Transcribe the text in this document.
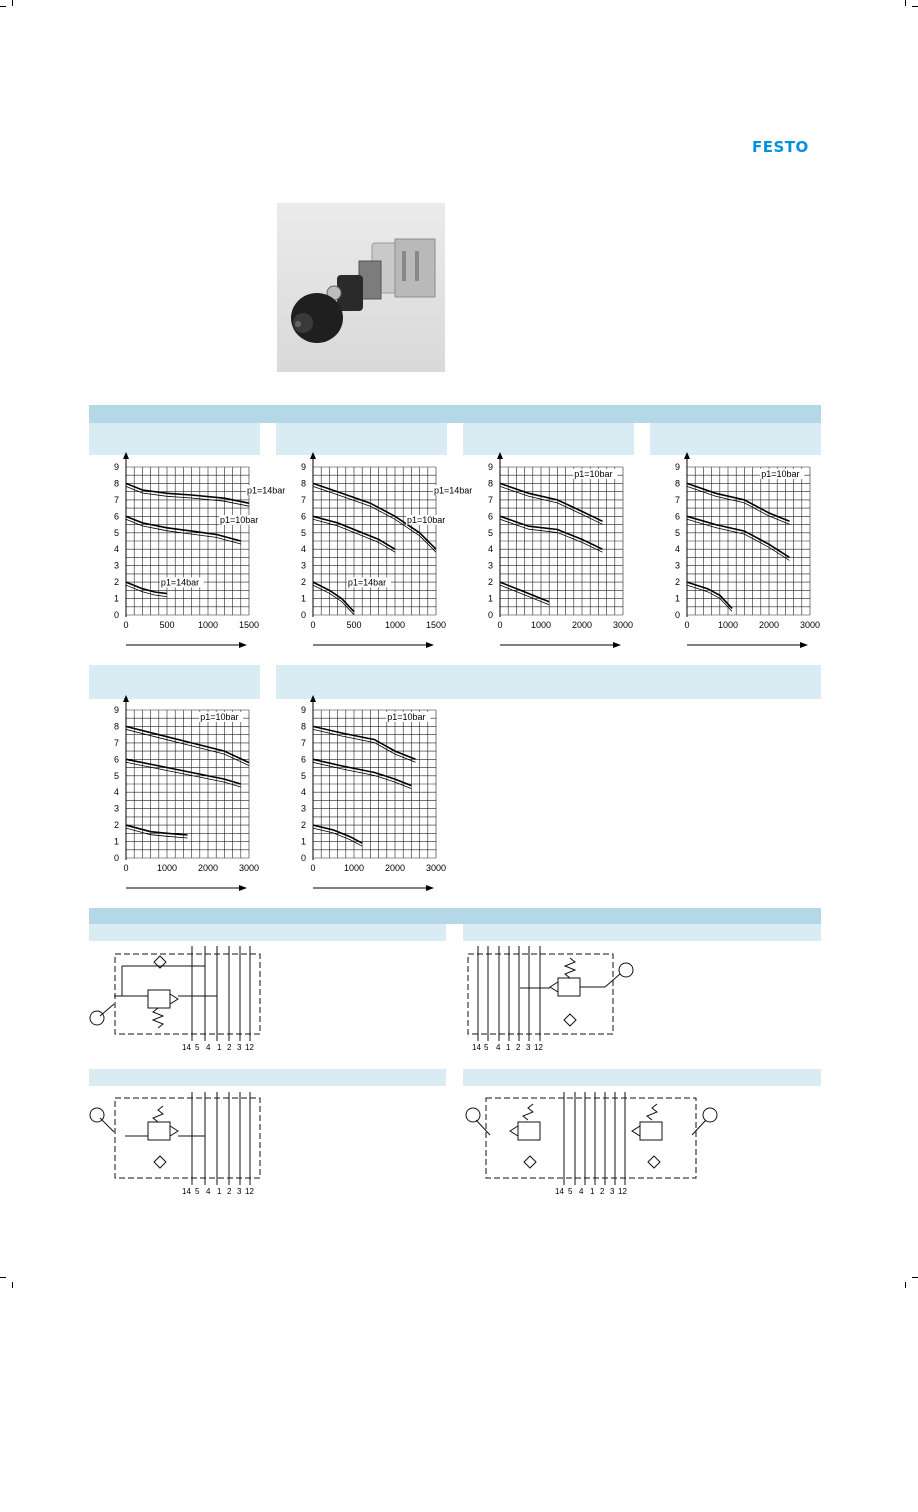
FESTO
0
1
2
3
4
5
6
7
8
9
0	500	1000 1500
p1=14bar
p1=10bar
p1=14bar
0
1
2
3
4
5
6
7
8
9
0	500	1000 1500
p1=14bar
p1=10bar
p1=14bar
0
1
2
3
4
5
6
7
8
9
0	1000 2000 3000
p1=10bar
0
1
2
3
4
5
6
7
8
9
0	1000 2000 3000
p1=10bar
0
1
2
3
4
5
6
7
8
9
0	1000 2000 3000
p1=10bar
0
1
2
3
4
5
6
7
8
9
0	1000 2000 3000
p1=10bar
14 5 4 1 2 3 12	14 5 4 1 2 3 12
14 5 4 1 2 3 12	14 5 4 1 2 3 12
